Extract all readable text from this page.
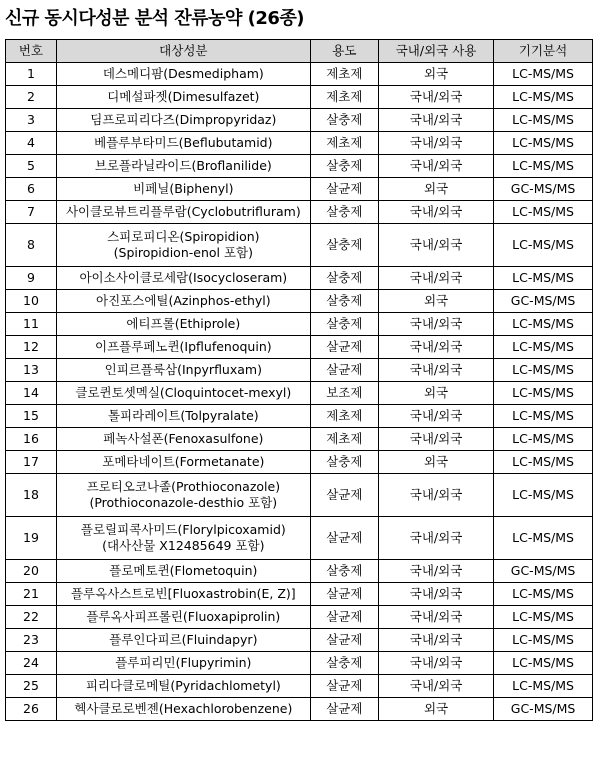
신규 동시다성분 분석 잔류농약 (26종)
번호	대상성분	용도	국내/외국 사용	기기분석
1	데스메디팜(Desmedipham)	제초제	외국	LC-MS/MS
2	디메설파젯(Dimesulfazet)	제초제	국내/외국	LC-MS/MS
3	딤프로피리다즈(Dimpropyridaz)	살충제	국내/외국	LC-MS/MS
4	베플루부타미드(Beflubutamid)	제초제	국내/외국	LC-MS/MS
5	브로플라닐라이드(Broflanilide)	살충제	국내/외국	LC-MS/MS
6	비페닐(Biphenyl)	살균제	외국	GC-MS/MS
7	사이클로뷰트리플루람(Cyclobutrifluram)	살충제	국내/외국	LC-MS/MS
8	스피로피디온(Spiropidion)
(Spiropidion-enol 포함)	살충제	국내/외국	LC-MS/MS
9	아이소사이클로세람(Isocycloseram)	살충제	국내/외국	LC-MS/MS
10	아진포스에틸(Azinphos-ethyl)	살충제	외국	GC-MS/MS
11	에티프롤(Ethiprole)	살충제	국내/외국	LC-MS/MS
12	이프플루페노퀸(Ipflufenoquin)	살균제	국내/외국	LC-MS/MS
13	인피르플룩삼(Inpyrfluxam)	살균제	국내/외국	LC-MS/MS
14	클로퀸토셋멕실(Cloquintocet-mexyl)	보조제	외국	LC-MS/MS
15	톨피라레이트(Tolpyralate)	제초제	국내/외국	LC-MS/MS
16	페녹사설폰(Fenoxasulfone)	제초제	국내/외국	LC-MS/MS
17	포메타네이트(Formetanate)	살충제	외국	LC-MS/MS
18	프로티오코나졸(Prothioconazole)
(Prothioconazole-desthio 포함)	살균제	국내/외국	LC-MS/MS
19	플로릴피콕사미드(Florylpicoxamid)
(대사산물 X12485649 포함)	살균제	국내/외국	LC-MS/MS
20	플로메토퀸(Flometoquin)	살충제	국내/외국	GC-MS/MS
21	플루옥사스트로빈[Fluoxastrobin(E, Z)]	살균제	국내/외국	LC-MS/MS
22	플루옥사피프롤린(Fluoxapiprolin)	살균제	국내/외국	LC-MS/MS
23	플루인다피르(Fluindapyr)	살균제	국내/외국	LC-MS/MS
24	플루피리민(Flupyrimin)	살충제	국내/외국	LC-MS/MS
25	피리다클로메틸(Pyridachlometyl)	살균제	국내/외국	LC-MS/MS
26	헥사클로로벤젠(Hexachlorobenzene)	살균제	외국	GC-MS/MS
